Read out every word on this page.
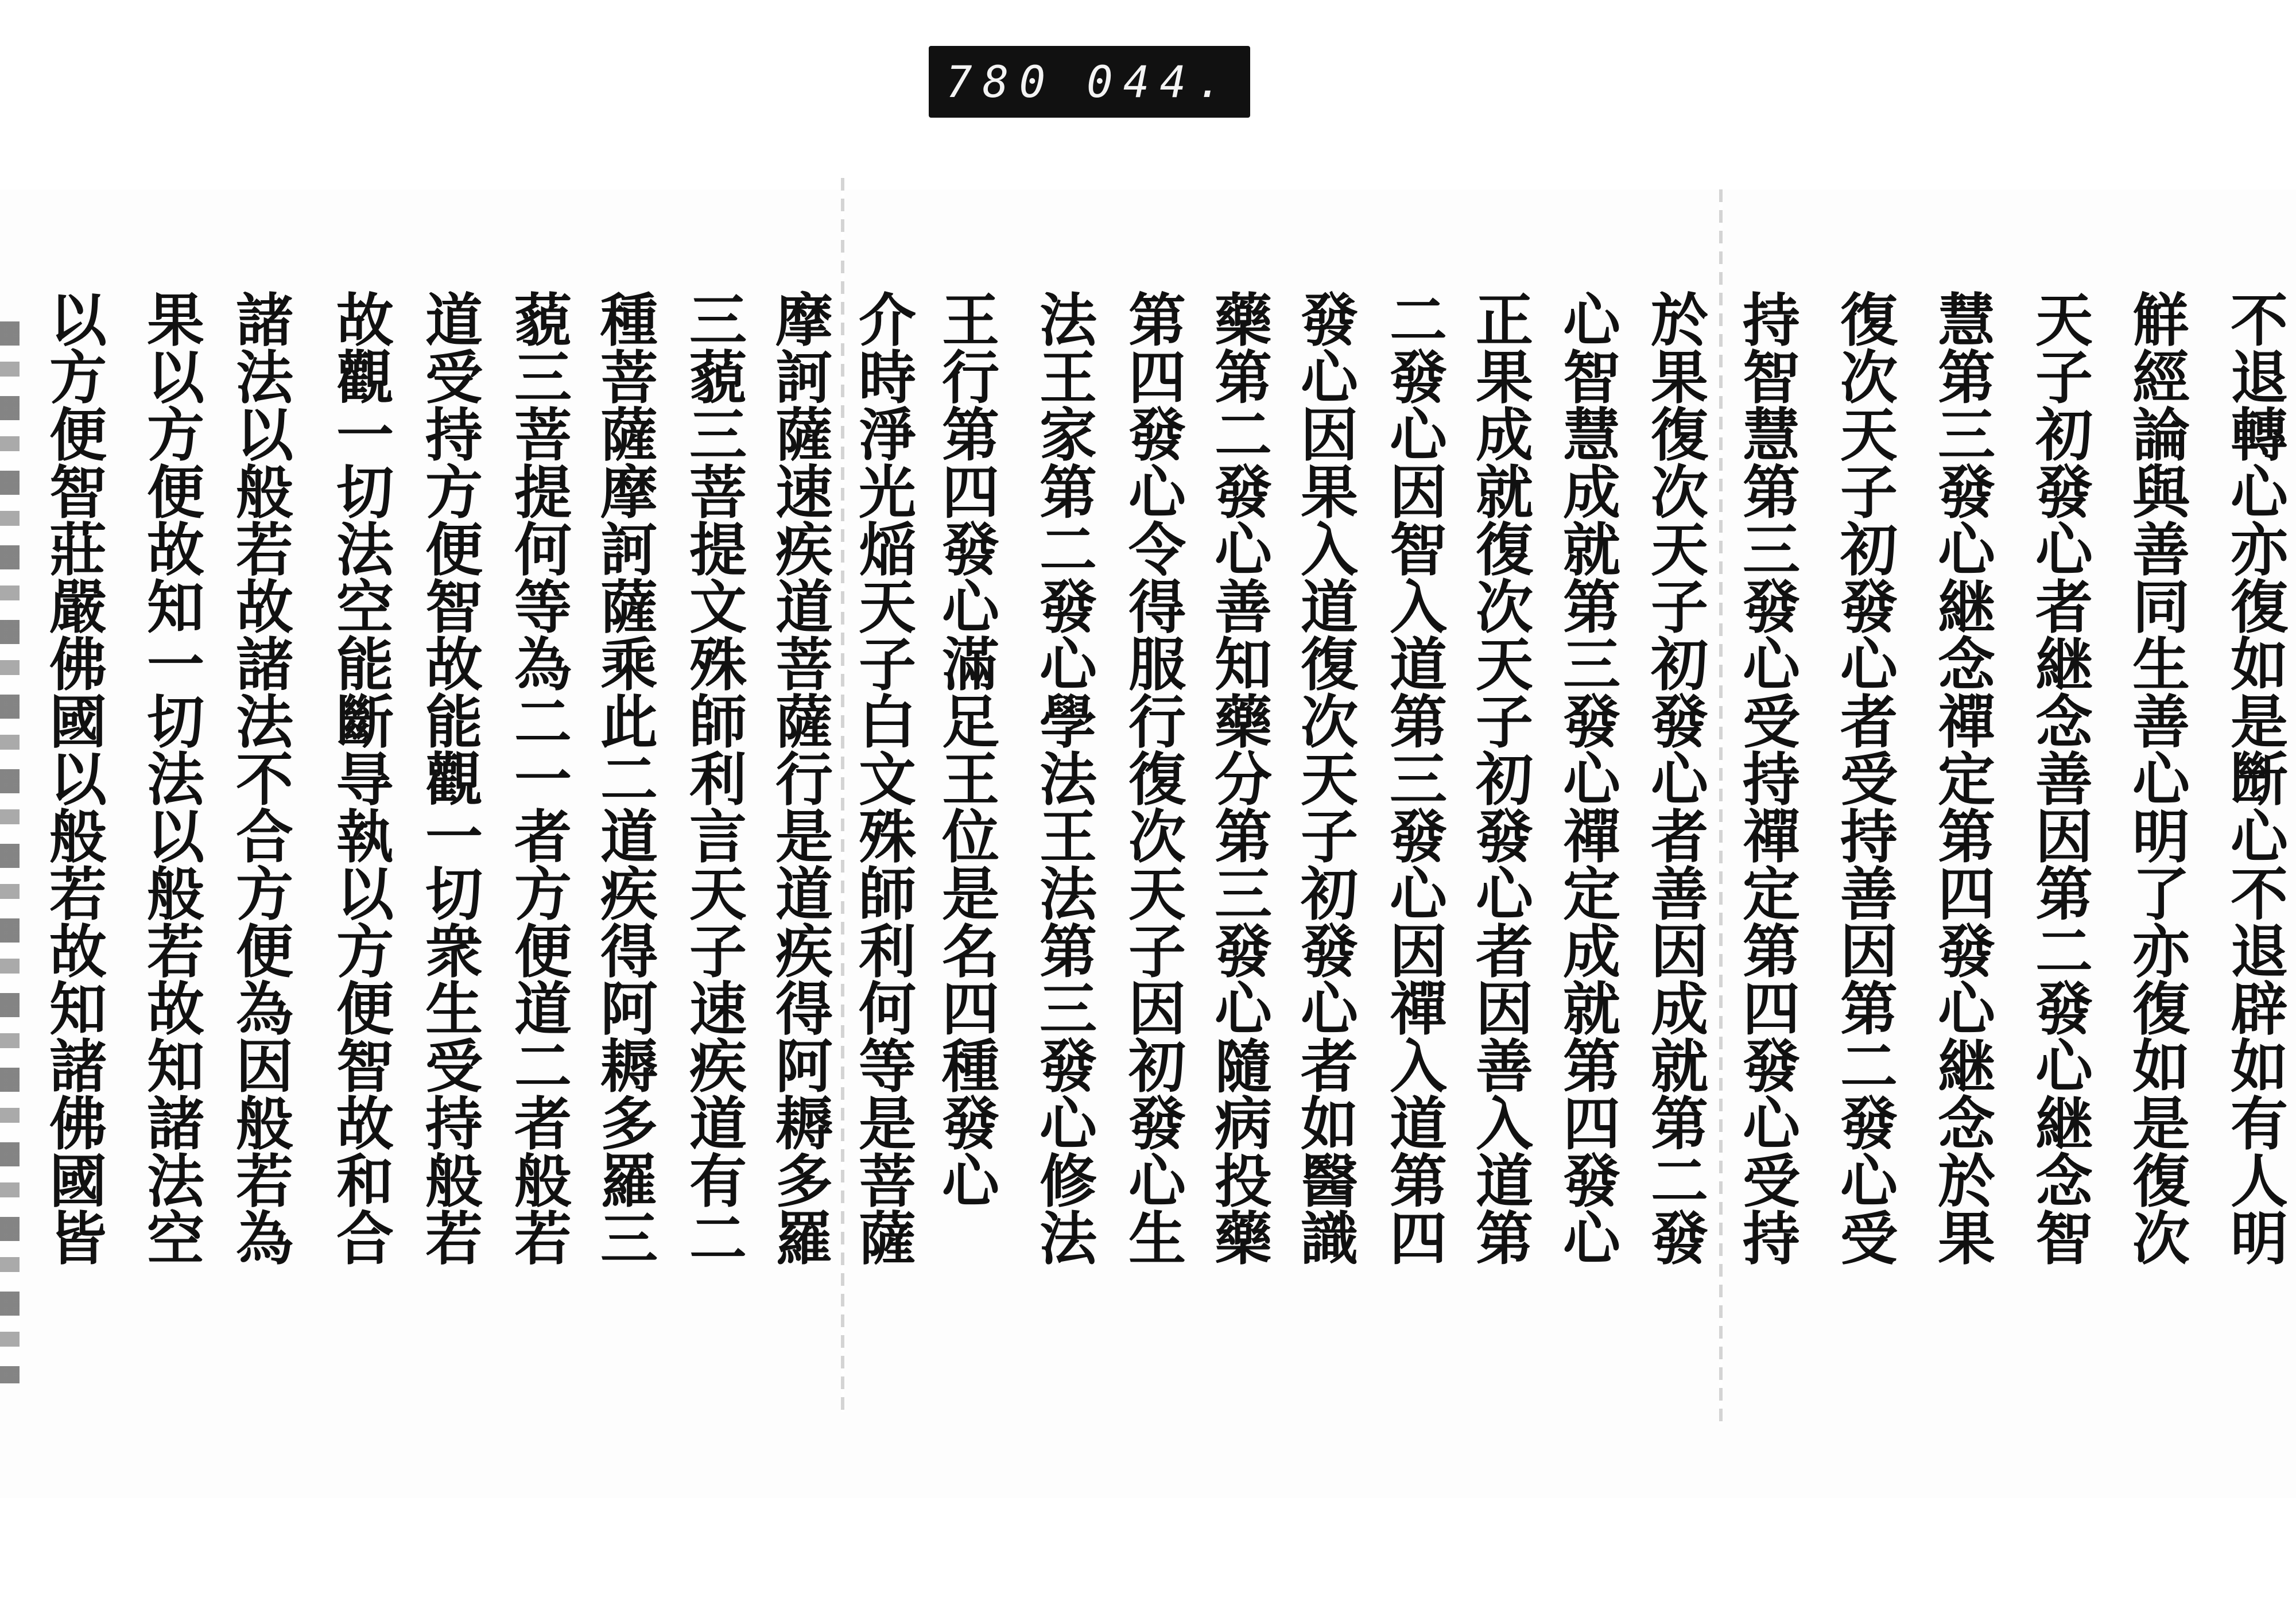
780 044.
不退轉心亦復如是㫁心不退辟如有人明
觧經論與善同生善心明了亦復如是復次
天子初發心者継念善因第二發心継念智
慧第三發心継念禪定第四發心継念於果
復次天子初發心者受持善因第二發心受
持智慧第三發心受持禪定第四發心受持
於果復次天子初發心者善因成就第二發
心智慧成就第三發心禪定成就第四發心
正果成就復次天子初發心者因善入道第
二發心因智入道第三發心因禪入道第四
發心因果入道復次天子初發心者如醫識
藥第二發心善知藥分第三發心隨病投藥
第四發心令得服行復次天子因初發心生
法王家第二發心學法王法第三發心修法
王行第四發心滿足王位是名四種發心
介時淨光㷔天子白文殊師利何等是菩薩
摩訶薩速疾道菩薩行是道疾得阿耨多羅
三藐三菩提文殊師利言天子速疾道有二
種菩薩摩訶薩乘此二道疾得阿耨多羅三
藐三菩提何等為二一者方便道二者般若
道受持方便智故能觀一切衆生受持般若
故觀一切法空能斷㝵執以方便智故和合
諸法以般若故諸法不合方便為因般若為
果以方便故知一切法以般若故知諸法空
以方便智莊嚴佛國以般若故知諸佛國皆
